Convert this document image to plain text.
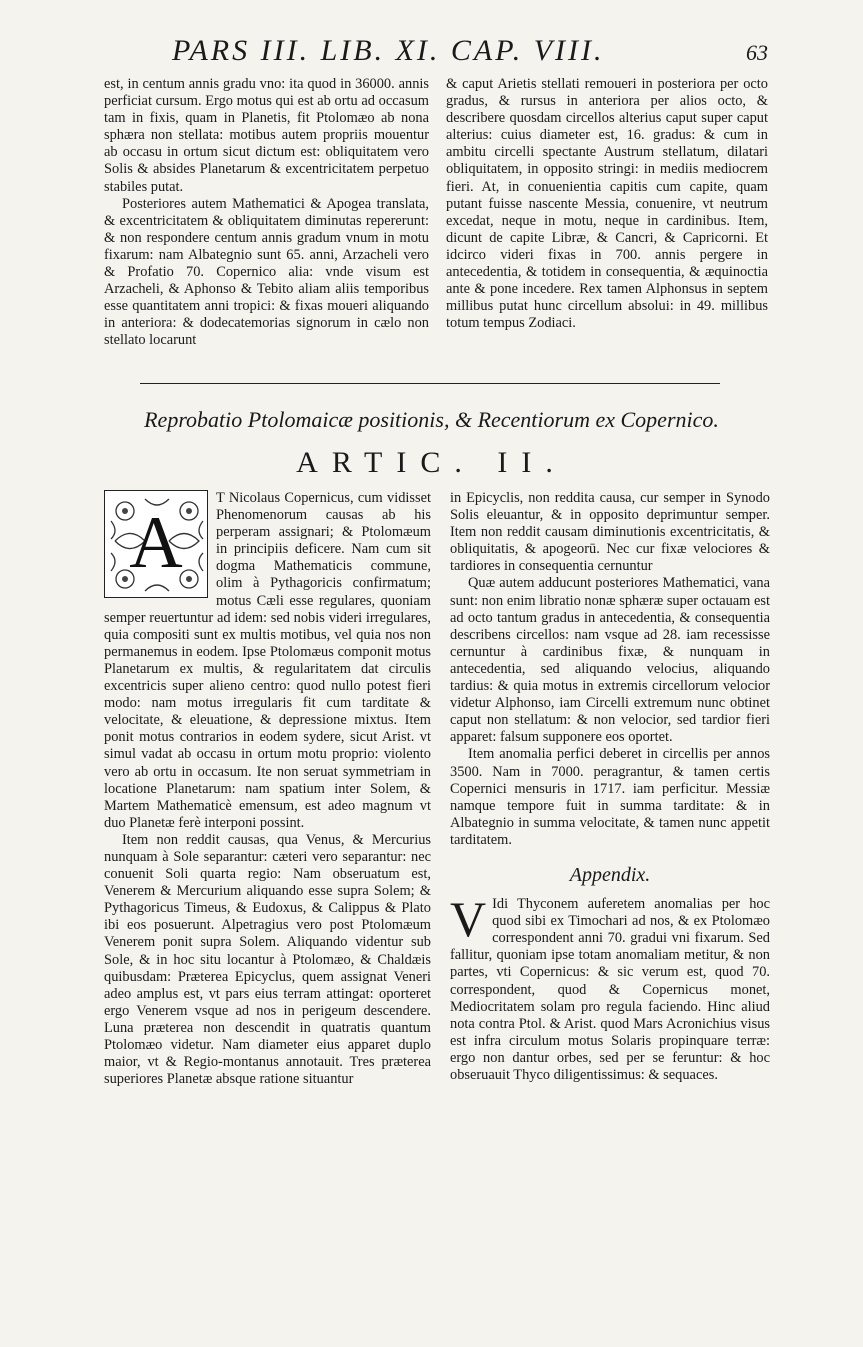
PARS III. LIB. XI. CAP. VIII.	63

est, in centum annis gradu vno: ita quod in 36000. annis perficiat cursum. Ergo motus qui est ab ortu ad occasum tam in fixis, quam in Planetis, fit Ptolomæo ab nona sphæra non stellata: motibus autem propriis mouentur ab occasu in ortum sicut dictum est: obliquitatem vero Solis & absides Planetarum & excentricitatem perpetuo stabiles putat.

Posteriores autem Mathematici & Apogea translata, & excentricitatem & obliquitatem diminutas repererunt: & non respondere centum annis gradum vnum in motu fixarum: nam Albategnio sunt 65. anni, Arzacheli vero & Profatio 70. Copernico alia: vnde visum est Arzacheli, & Aphonso & Tebito aliam aliis temporibus esse quantitatem anni tropici: & fixas moueri aliquando in anteriora: & dodecatemorias signorum in cælo non stellato locarunt

& caput Arietis stellati remoueri in posteriora per octo gradus, & rursus in anteriora per alios octo, & describere quosdam circellos alterius caput super caput alterius: cuius diameter est, 16. gradus: & cum in ambitu circelli spectante Austrum stellatum, dilatari obliquitatem, in opposito stringi: in mediis mediocrem fieri. At, in conuenientia capitis cum capite, quam putant fuisse nascente Messia, conuenire, vt neutrum excedat, neque in motu, neque in cardinibus. Item, dicunt de capite Libræ, & Cancri, & Capricorni. Et idcirco videri fixas in 700. annis pergere in antecedentia, & totidem in consequentia, & æquinoctia ante & pone incedere. Rex tamen Alphonsus in septem millibus putat hunc circellum absolui: in 49. millibus totum tempus Zodiaci.

Reprobatio Ptolomaicæ positionis, & Recentiorum ex Copernico.
ARTIC. II.
A

T Nicolaus Copernicus, cum vidisset Phenomenorum causas ab his perperam assignari; & Ptolomæum in principiis deficere. Nam cum sit dogma Mathematicis commune, olim à Pythagoricis confirmatum; motus Cæli esse regulares, quoniam semper reuertuntur ad idem: sed nobis videri irregulares, quia compositi sunt ex multis motibus, vel quia nos non permanemus in eodem. Ipse Ptolomæus componit motus Planetarum ex multis, & regularitatem dat circulis excentricis super alieno centro: quod nullo potest fieri modo: nam motus irregularis fit cum tarditate & velocitate, & eleuatione, & depressione mixtus. Item ponit motus contrarios in eodem sydere, sicut Arist. vt simul vadat ab occasu in ortum motu proprio: violento vero ab ortu in occasum. Ite non seruat symmetriam in locatione Planetarum: nam spatium inter Solem, & Martem Mathematicè emensum, est adeo magnum vt duo Planetæ ferè interponi possint.

Item non reddit causas, qua Venus, & Mercurius nunquam à Sole separantur: cæteri vero separantur: nec conuenit Soli quarta regio: Nam obseruatum est, Venerem & Mercurium aliquando esse supra Solem; & Pythagoricus Timeus, & Eudoxus, & Calippus & Plato ibi eos posuerunt. Alpetragius vero post Ptolomæum Venerem ponit supra Solem. Aliquando videntur sub Sole, & in hoc situ locantur à Ptolomæo, & Chaldæis quibusdam: Præterea Epicyclus, quem assignat Veneri adeo amplus est, vt pars eius terram attingat: oporteret ergo Venerem vsque ad nos in perigeum descendere. Luna præterea non descendit in quatratis quantum Ptolomæo videtur. Nam diameter eius apparet duplo maior, vt & Regio-montanus annotauit. Tres præterea superiores Planetæ absque ratione situantur

in Epicyclis, non reddita causa, cur semper in Synodo Solis eleuantur, & in opposito deprimuntur semper. Item non reddit causam diminutionis excentricitatis, & obliquitatis, & apogeorū. Nec cur fixæ velociores & tardiores in consequentia cernuntur

Quæ autem adducunt posteriores Mathematici, vana sunt: non enim libratio nonæ sphæræ super octauam est ad octo tantum gradus in antecedentia, & consequentia describens circellos: nam vsque ad 28. iam recessisse cernuntur à cardinibus fixæ, & nunquam in antecedentia, sed aliquando velocius, aliquando tardius: & quia motus in extremis circellorum velocior videtur Alphonso, iam Circelli extremum nunc obtinet caput non stellatum: & non velocior, sed tardior fieri apparet: falsum supponere eos oportet.

Item anomalia perfici deberet in circellis per annos 3500. Nam in 7000. peragrantur, & tamen certis Copernici mensuris in 1717. iam perficitur. Messiæ namque tempore fuit in summa tarditate: & in Albategnio in summa velocitate, & tamen nunc appetit tarditatem.

Appendix.

V Idi Thyconem auferetem anomalias per hoc quod sibi ex Timochari ad nos, & ex Ptolomæo correspondent anni 70. gradui vni fixarum. Sed fallitur, quoniam ipse totam anomaliam metitur, & non partes, vti Copernicus: & sic verum est, quod 70. correspondent, quod & Copernicus monet, Mediocritatem solam pro regula faciendo. Hinc aliud nota contra Ptol. & Arist. quod Mars Acronichius visus est infra circulum motus Solaris propinquare terræ: ergo non dantur orbes, sed per se feruntur: & hoc obseruauit Thyco diligentissimus: & sequaces.
